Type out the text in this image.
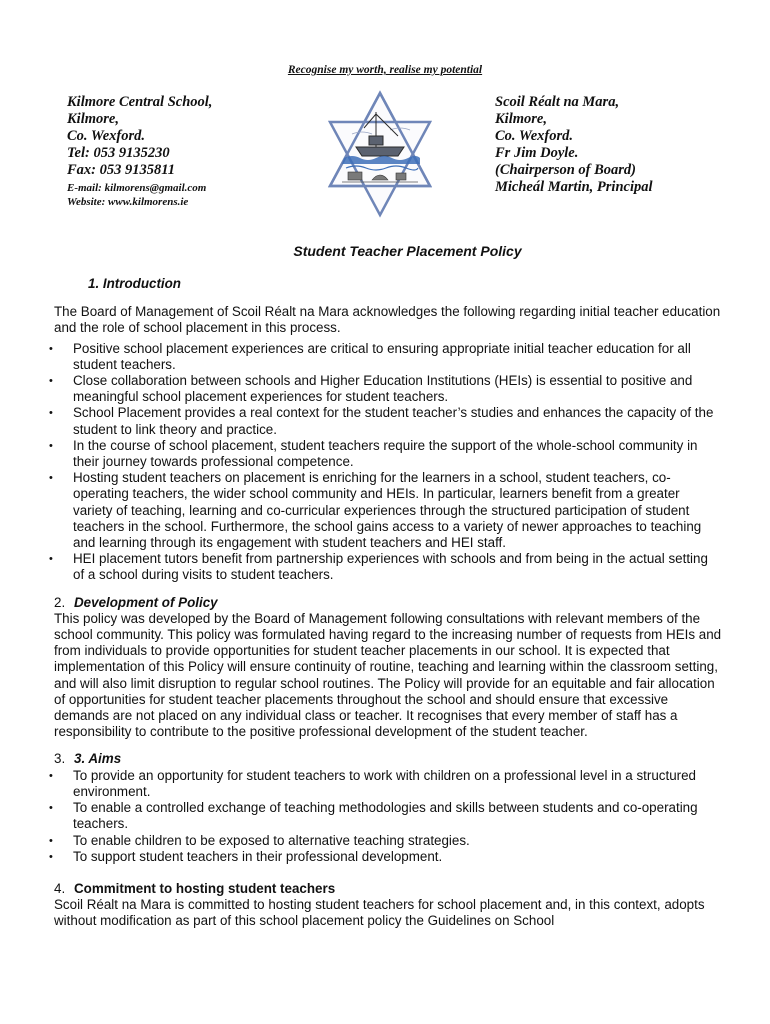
Recognise my worth, realise my potential
Kilmore Central School,
Kilmore,
Co. Wexford.
Tel: 053 9135230
Fax: 053 9135811
E-mail: kilmorens@gmail.com
Website: www.kilmorens.ie
Scoil Réalt na Mara,
Kilmore,
Co. Wexford.
Fr Jim Doyle.
(Chairperson of Board)
Micheál Martin, Principal
Student Teacher Placement Policy
1. Introduction

The Board of Management of Scoil Réalt na Mara acknowledges the following regarding initial teacher education and the role of school placement in this process.

• Positive school placement experiences are critical to ensuring appropriate initial teacher education for all student teachers.
• Close collaboration between schools and Higher Education Institutions (HEIs) is essential to positive and meaningful school placement experiences for student teachers.
• School Placement provides a real context for the student teacher’s studies and enhances the capacity of the student to link theory and practice.
• In the course of school placement, student teachers require the support of the whole-school community in their journey towards professional competence.
• Hosting student teachers on placement is enriching for the learners in a school, student teachers, co-operating teachers, the wider school community and HEIs. In particular, learners benefit from a greater variety of teaching, learning and co-curricular experiences through the structured participation of student teachers in the school. Furthermore, the school gains access to a variety of newer approaches to teaching and learning through its engagement with student teachers and HEI staff.
• HEI placement tutors benefit from partnership experiences with schools and from being in the actual setting of a school during visits to student teachers.
2. Development of Policy

This policy was developed by the Board of Management following consultations with relevant members of the school community. This policy was formulated having regard to the increasing number of requests from HEIs and from individuals to provide opportunities for student teacher placements in our school. It is expected that implementation of this Policy will ensure continuity of routine, teaching and learning within the classroom setting, and will also limit disruption to regular school routines. The Policy will provide for an equitable and fair allocation of opportunities for student teacher placements throughout the school and should ensure that excessive demands are not placed on any individual class or teacher. It recognises that every member of staff has a responsibility to contribute to the positive professional development of the student teacher.

3. 3. Aims
• To provide an opportunity for student teachers to work with children on a professional level in a structured environment.
• To enable a controlled exchange of teaching methodologies and skills between students and co-operating teachers.
• To enable children to be exposed to alternative teaching strategies.
• To support student teachers in their professional development.
4. Commitment to hosting student teachers

Scoil Réalt na Mara is committed to hosting student teachers for school placement and, in this context, adopts without modification as part of this school placement policy the Guidelines on School
